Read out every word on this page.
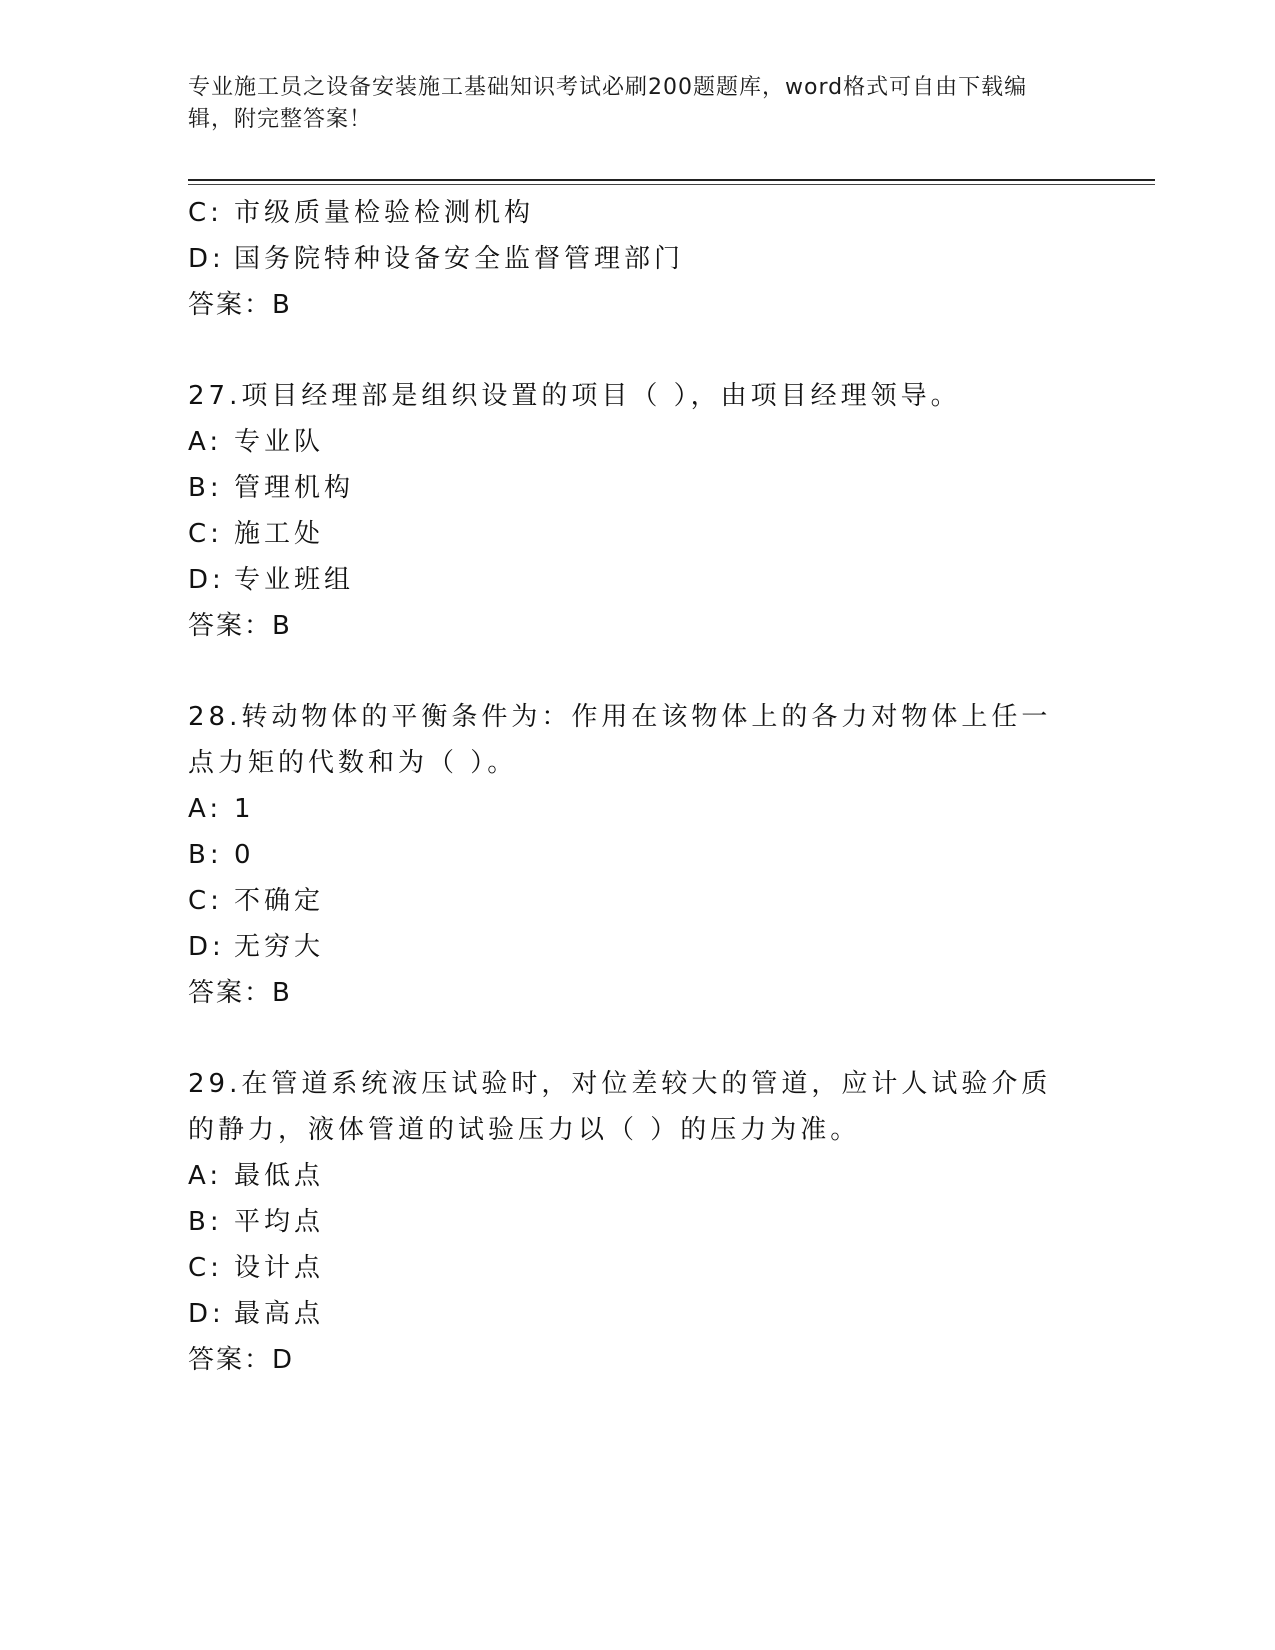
专业施工员之设备安装施工基础知识考试必刷200题题库，word格式可自由下载编辑，附完整答案！
C: 市级质量检验检测机构
D: 国务院特种设备安全监督管理部门
答案：B
27.项目经理部是组织设置的项目（ ），由项目经理领导。
A: 专业队
B: 管理机构
C: 施工处
D: 专业班组
答案：B
28.转动物体的平衡条件为：作用在该物体上的各力对物体上任一点力矩的代数和为（ ）。
A: 1
B: 0
C: 不确定
D: 无穷大
答案：B
29.在管道系统液压试验时，对位差较大的管道，应计人试验介质的静力，液体管道的试验压力以（ ）的压力为准。
A: 最低点
B: 平均点
C: 设计点
D: 最高点
答案：D
